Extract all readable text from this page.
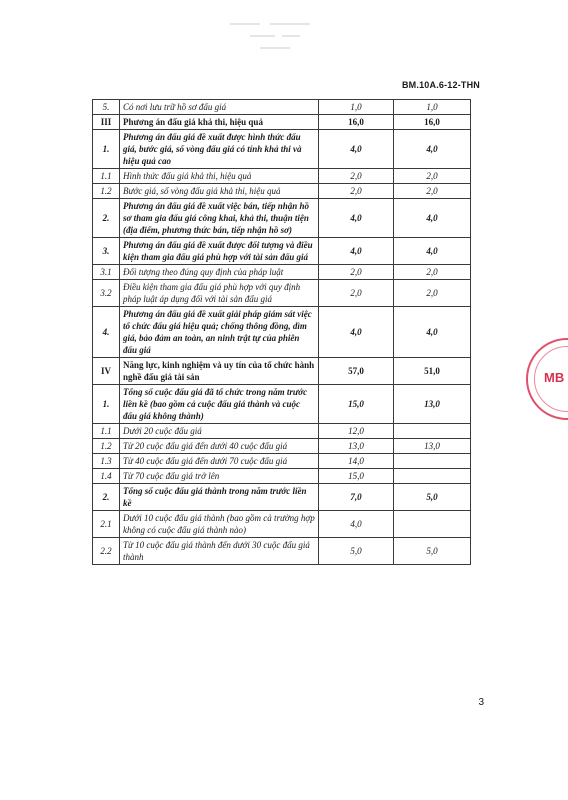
BM.10A.6-12-THN
5.	Có nơi lưu trữ hồ sơ đấu giá	1,0	1,0
III	Phương án đấu giá khả thi, hiệu quả	16,0	16,0
1.	Phương án đấu giá đề xuất được hình thức đấu giá, bước giá, số vòng đấu giá có tính khả thi và hiệu quả cao	4,0	4,0
1.1	Hình thức đấu giá khả thi, hiệu quả	2,0	2,0
1.2	Bước giá, số vòng đấu giá khả thi, hiệu quả	2,0	2,0
2.	Phương án đấu giá đề xuất việc bán, tiếp nhận hồ sơ tham gia đấu giá công khai, khả thi, thuận tiện (địa điểm, phương thức bán, tiếp nhận hồ sơ)	4,0	4,0
3.	Phương án đấu giá đề xuất được đối tượng và điều kiện tham gia đấu giá phù hợp với tài sản đấu giá	4,0	4,0
3.1	Đối tượng theo đúng quy định của pháp luật	2,0	2,0
3.2	Điều kiện tham gia đấu giá phù hợp với quy định pháp luật áp dụng đối với tài sản đấu giá	2,0	2,0
4.	Phương án đấu giá đề xuất giải pháp giám sát việc tổ chức đấu giá hiệu quả; chống thông đồng, dìm giá, bảo đảm an toàn, an ninh trật tự của phiên đấu giá	4,0	4,0
IV	Năng lực, kinh nghiệm và uy tín của tổ chức hành nghề đấu giá tài sản	57,0	51,0
1.	Tổng số cuộc đấu giá đã tổ chức trong năm trước liền kề (bao gồm cả cuộc đấu giá thành và cuộc đấu giá không thành)	15,0	13,0
1.1	Dưới 20 cuộc đấu giá	12,0	
1.2	Từ 20 cuộc đấu giá đến dưới 40 cuộc đấu giá	13,0	13,0
1.3	Từ 40 cuộc đấu giá đến dưới 70 cuộc đấu giá	14,0	
1.4	Từ 70 cuộc đấu giá trở lên	15,0	
2.	Tổng số cuộc đấu giá thành trong năm trước liền kề	7,0	5,0
2.1	Dưới 10 cuộc đấu giá thành (bao gồm cả trường hợp không có cuộc đấu giá thành nào)	4,0	
2.2	Từ 10 cuộc đấu giá thành đến dưới 30 cuộc đấu giá thành	5,0	5,0
MB
3
